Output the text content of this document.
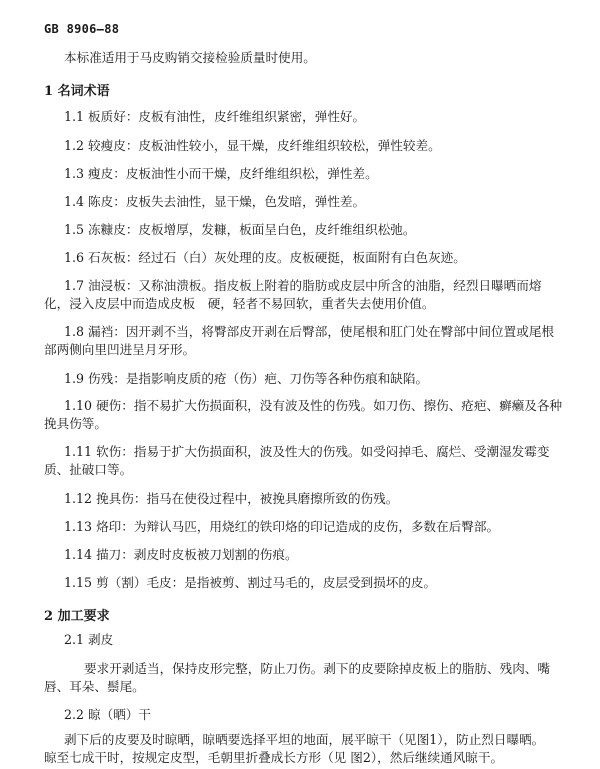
GB 8906—88
本标准适用于马皮购销交接检验质量时使用。
1 名词术语
1.1 板质好：皮板有油性，皮纤维组织紧密，弹性好。
1.2 较瘦皮：皮板油性较小，显干燥，皮纤维组织较松，弹性较差。
1.3 瘦皮：皮板油性小而干燥，皮纤维组织松，弹性差。
1.4 陈皮：皮板失去油性，显干燥，色发暗，弹性差。
1.5 冻糠皮：皮板增厚，发糠，板面呈白色，皮纤维组织松弛。
1.6 石灰板：经过石（白）灰处理的皮。皮板硬挺，板面附有白色灰迹。
1.7 油浸板：又称油溃板。指皮板上附着的脂肪或皮层中所含的油脂，经烈日曝晒而熔
化，浸入皮层中而造成皮板　硬，轻者不易回软，重者失去使用价值。
1.8 漏裆：因开剥不当，将臀部皮开剥在后臀部，使尾根和肛门处在臀部中间位置或尾根
部两侧向里凹进呈月牙形。
1.9 伤残：是指影响皮质的疮（伤）疤、刀伤等各种伤痕和缺陷。
1.10 硬伤：指不易扩大伤损面积，没有波及性的伤残。如刀伤、擦伤、疮疤、癣癞及各种
挽具伤等。
1.11 软伤：指易于扩大伤损面积，波及性大的伤残。如受闷掉毛、腐烂、受潮湿发霉变
质、扯破口等。
1.12 挽具伤：指马在使役过程中，被挽具磨擦所致的伤残。
1.13 烙印：为辩认马匹，用烧红的铁印烙的印记造成的皮伤，多数在后臀部。
1.14 描刀：剥皮时皮板被刀划割的伤痕。
1.15 剪（割）毛皮：是指被剪、割过马毛的，皮层受到损坏的皮。
2 加工要求
2.1 剥皮
要求开剥适当，保持皮形完整，防止刀伤。剥下的皮要除掉皮板上的脂肪、残肉、嘴
唇、耳朵、鬃尾。
2.2 晾（晒）干
剥下后的皮要及时晾晒，晾晒要选择平坦的地面，展平晾干（见图1），防止烈日曝晒。
晾至七成干时，按规定皮型，毛朝里折叠成长方形（见 图2），然后继续通风晾干。
